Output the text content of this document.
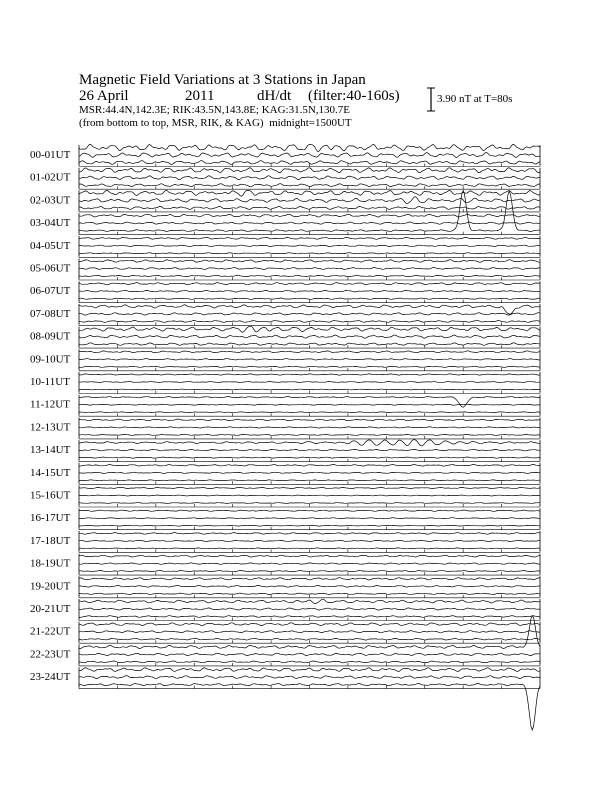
Magnetic Field Variations at 3 Stations in Japan
26 April	2011	dH/dt (filter:40-160s)
MSR:44.4N,142.3E; RIK:43.5N,143.8E; KAG:31.5N,130.7E
(from bottom to top, MSR, RIK, & KAG) midnight=1500UT
3.90 nT at T=80s
00-01UT
01-02UT
02-03UT
03-04UT
04-05UT
05-06UT
06-07UT
07-08UT
08-09UT
09-10UT
10-11UT
11-12UT
12-13UT
13-14UT
14-15UT
15-16UT
16-17UT
17-18UT
18-19UT
19-20UT
20-21UT
21-22UT
22-23UT
23-24UT
